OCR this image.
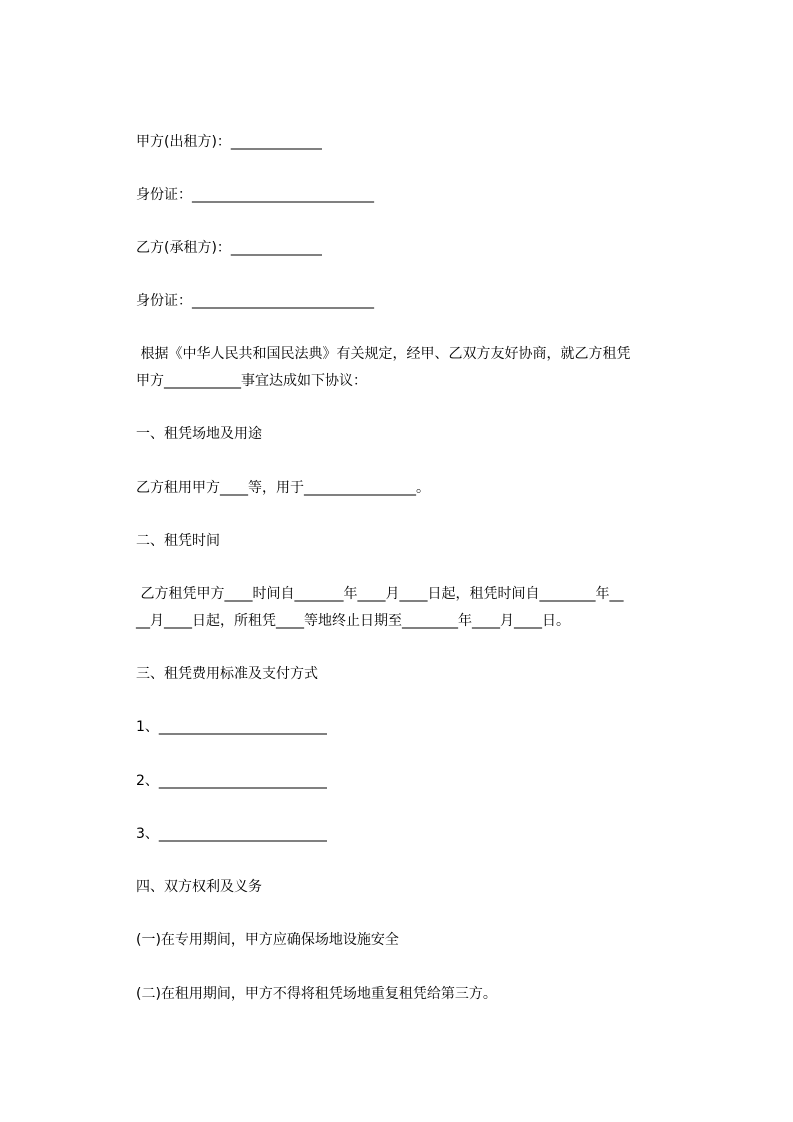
甲方(出租方)：_____________
身份证：__________________________
乙方(承租方)：_____________
身份证：__________________________
根据《中华人民共和国民法典》有关规定，经甲、乙双方友好协商，就乙方租凭
甲方___________事宜达成如下协议：
一、租凭场地及用途
乙方租用甲方____等，用于________________。
二、租凭时间
乙方租凭甲方____时间自_______年____月____日起，租凭时间自________年__
__月____日起，所租凭____等地终止日期至________年____月____日。
三、租凭费用标准及支付方式
1、________________________
2、________________________
3、________________________
四、双方权利及义务
(一)在专用期间，甲方应确保场地设施安全
(二)在租用期间，甲方不得将租凭场地重复租凭给第三方。
